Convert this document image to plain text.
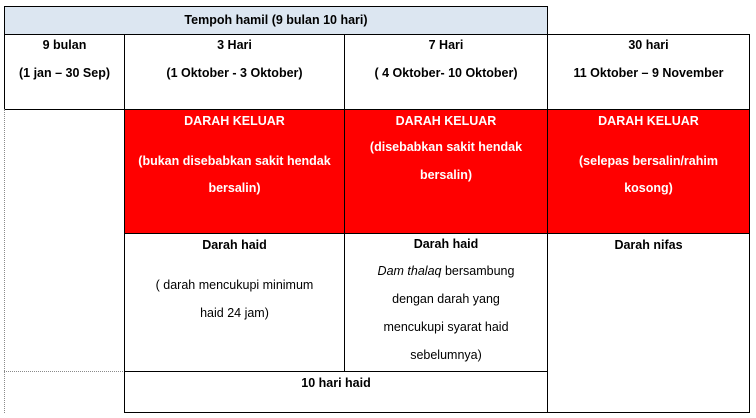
Tempoh hamil (9 bulan 10 hari)
9 bulan
(1 jan – 30 Sep)
3 Hari
(1 Oktober - 3 Oktober)
7 Hari
( 4 Oktober- 10 Oktober)
30 hari
11 Oktober – 9 November
DARAH KELUAR
(bukan disebabkan sakit hendak
bersalin)
DARAH KELUAR
(disebabkan sakit hendak
bersalin)
DARAH KELUAR
(selepas bersalin/rahim
kosong)
Darah haid
( darah mencukupi minimum
haid 24 jam)
Darah haid
Dam thalaq bersambung
dengan darah yang
mencukupi syarat haid
sebelumnya)
Darah nifas
10 hari haid
